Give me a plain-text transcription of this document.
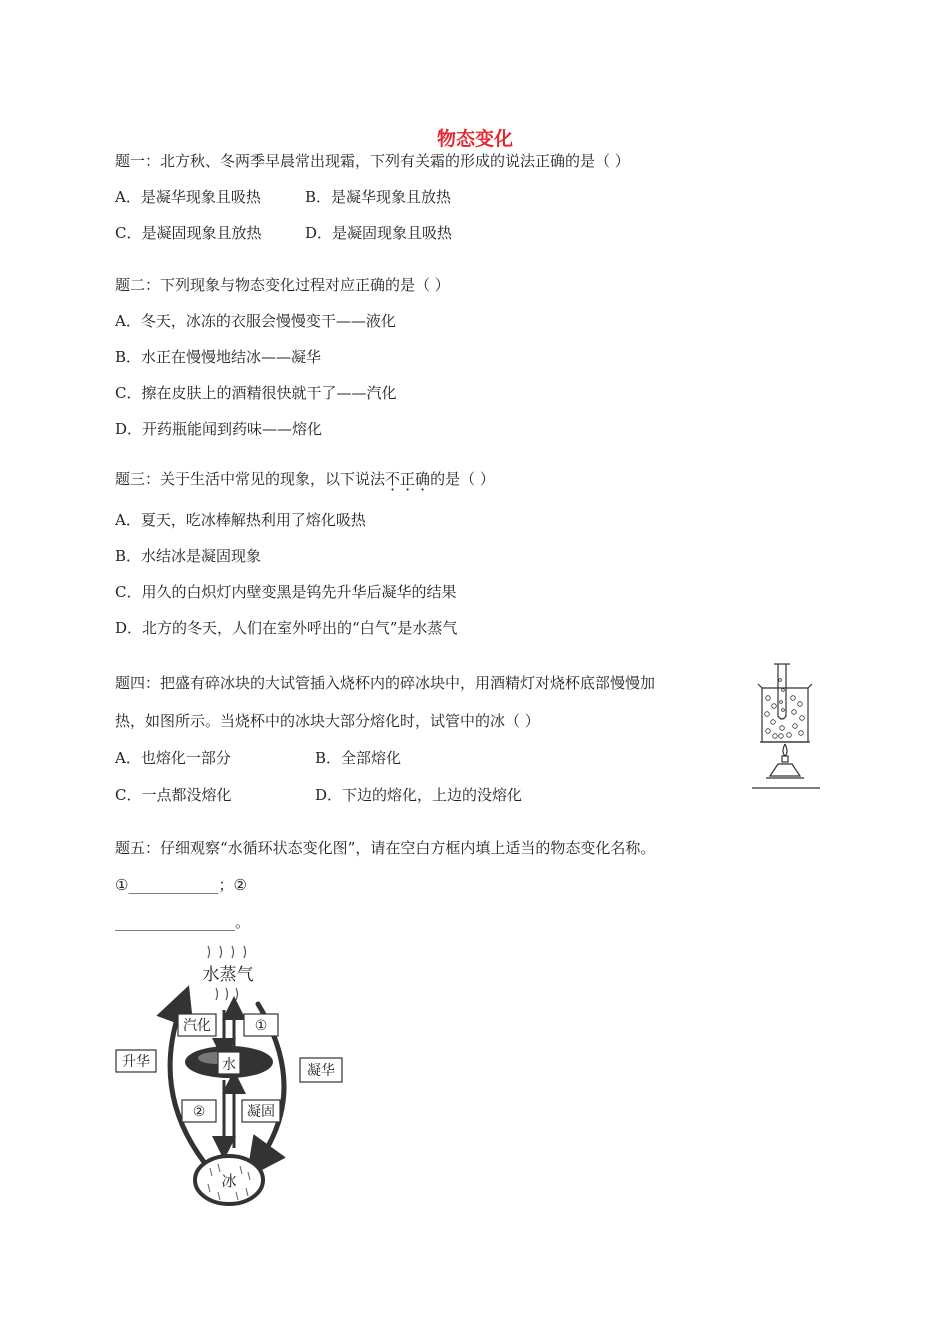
物态变化
题一：北方秋、冬两季早晨常出现霜，下列有关霜的形成的说法正确的是（ ）
A．是凝华现象且吸热	B．是凝华现象且放热
C．是凝固现象且放热	D．是凝固现象且吸热
题二：下列现象与物态变化过程对应正确的是（ ）
A．冬天，冰冻的衣服会慢慢变干——液化
B．水正在慢慢地结冰——凝华
C．擦在皮肤上的酒精很快就干了——汽化
D．开药瓶能闻到药味——熔化
题三：关于生活中常见的现象，以下说法不正确的是（ ）
A．夏天，吃冰棒解热利用了熔化吸热
B．水结冰是凝固现象
C．用久的白炽灯内壁变黑是钨先升华后凝华的结果
D．北方的冬天，人们在室外呼出的“白气”是水蒸气
题四：把盛有碎冰块的大试管插入烧杯内的碎冰块中，用酒精灯对烧杯底部慢慢加
热，如图所示。当烧杯中的冰块大部分熔化时，试管中的冰（ ）
A．也熔化一部分	B．全部熔化
C．一点都没熔化	D．下边的熔化，上边的没熔化
题五：仔细观察“水循环状态变化图”，请在空白方框内填上适当的物态变化名称。
①____________；②
________________。
水蒸气
水
汽化	①
升华
凝华
②	凝固
冰
